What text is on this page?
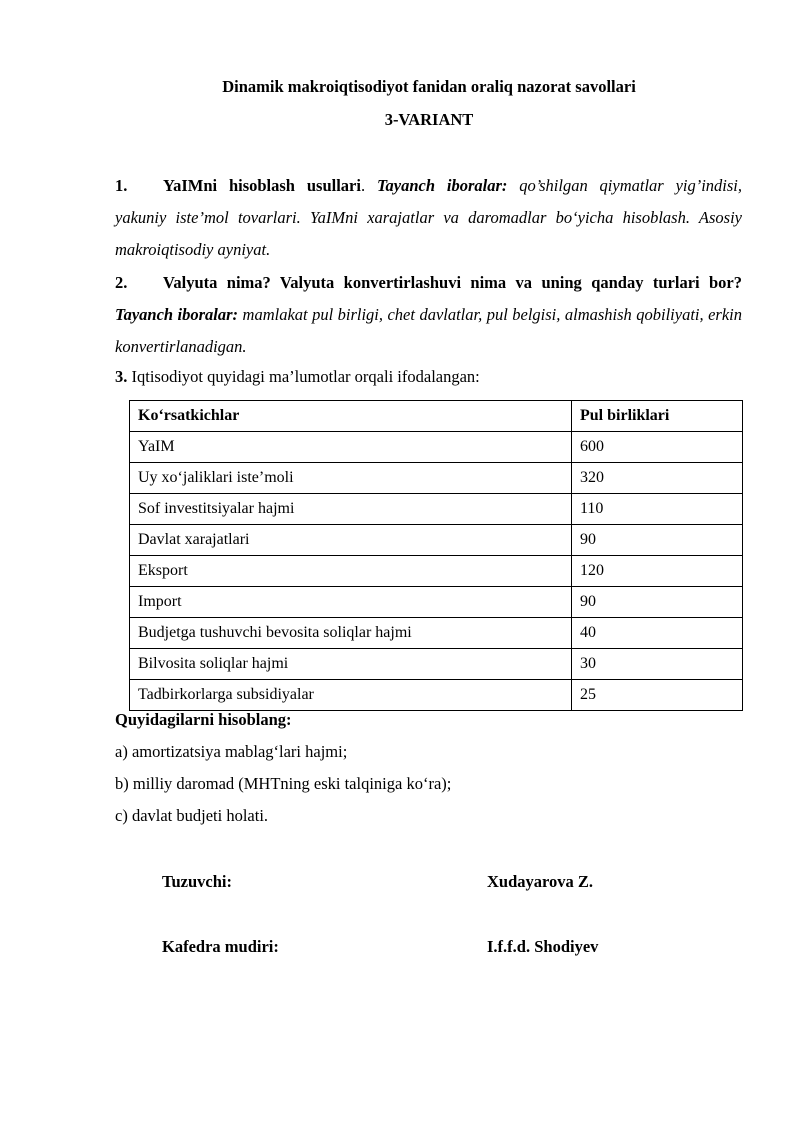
Dinamik makroiqtisodiyot fanidan oraliq nazorat savollari
3-VARIANT
1. YaIMni hisoblash usullari. Tayanch iboralar: qo’shilgan qiymatlar yig’indisi, yakuniy iste’mol tovarlari. YaIMni xarajatlar va daromadlar bo‘yicha hisoblash. Asosiy makroiqtisodiy ayniyat.
2. Valyuta nima? Valyuta konvertirlashuvi nima va uning qanday turlari bor? Tayanch iboralar: mamlakat pul birligi, chet davlatlar, pul belgisi, almashish qobiliyati, erkin konvertirlanadigan.
3. Iqtisodiyot quyidagi ma’lumotlar orqali ifodalangan:
Ko‘rsatkichlar	Pul birliklari
YaIM	600
Uy xo‘jaliklari iste’moli	320
Sof investitsiyalar hajmi	110
Davlat xarajatlari	90
Eksport	120
Import	90
Budjetga tushuvchi bevosita soliqlar hajmi	40
Bilvosita soliqlar hajmi	30
Tadbirkorlarga subsidiyalar	25
Quyidagilarni hisoblang:
a) amortizatsiya mablag‘lari hajmi;
b) milliy daromad (MHTning eski talqiniga ko‘ra);
c) davlat budjeti holati.
Tuzuvchi:	Xudayarova Z.
Kafedra mudiri:	I.f.f.d. Shodiyev
